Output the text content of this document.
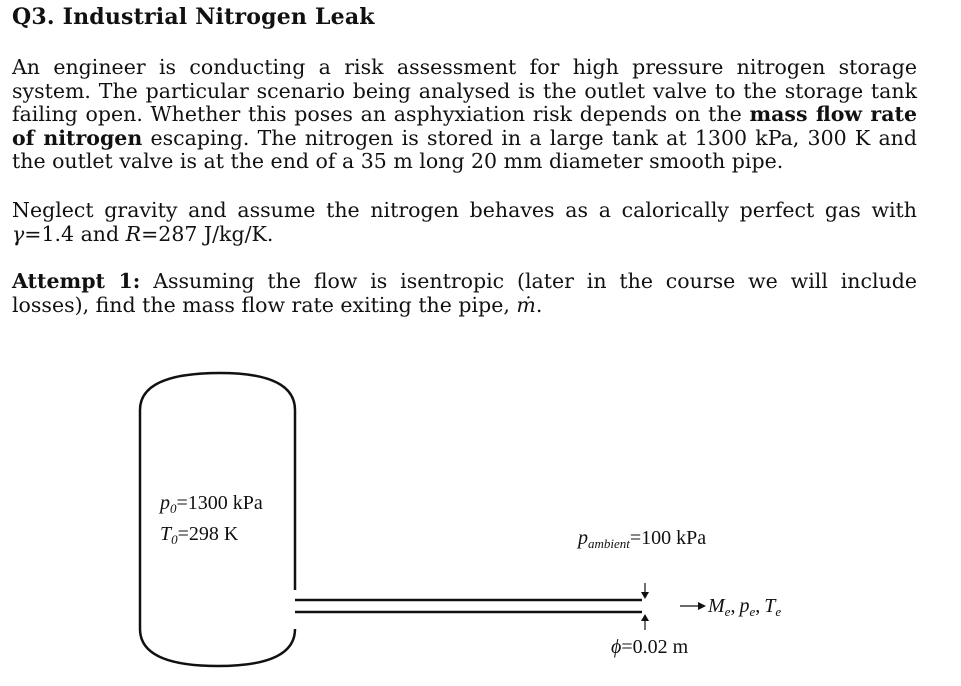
Q3. Industrial Nitrogen Leak

An engineer is conducting a risk assessment for high pressure nitrogen storage system. The particular scenario being analysed is the outlet valve to the storage tank failing open. Whether this poses an asphyxiation risk depends on the mass flow rate of nitrogen escaping. The nitrogen is stored in a large tank at 1300 kPa, 300 K and the outlet valve is at the end of a 35 m long 20 mm diameter smooth pipe.

Neglect gravity and assume the nitrogen behaves as a calorically perfect gas with γ=1.4 and R=287 J/kg/K.

Attempt 1: Assuming the flow is isentropic (later in the course we will include losses), find the mass flow rate exiting the pipe, ṁ.

$p_0=1300$ kPa
$T_0=298$ K	$p_{ambient}=100$ kPa
$M_e$, $p_e$, $T_e$
ϕ=0.02 m
